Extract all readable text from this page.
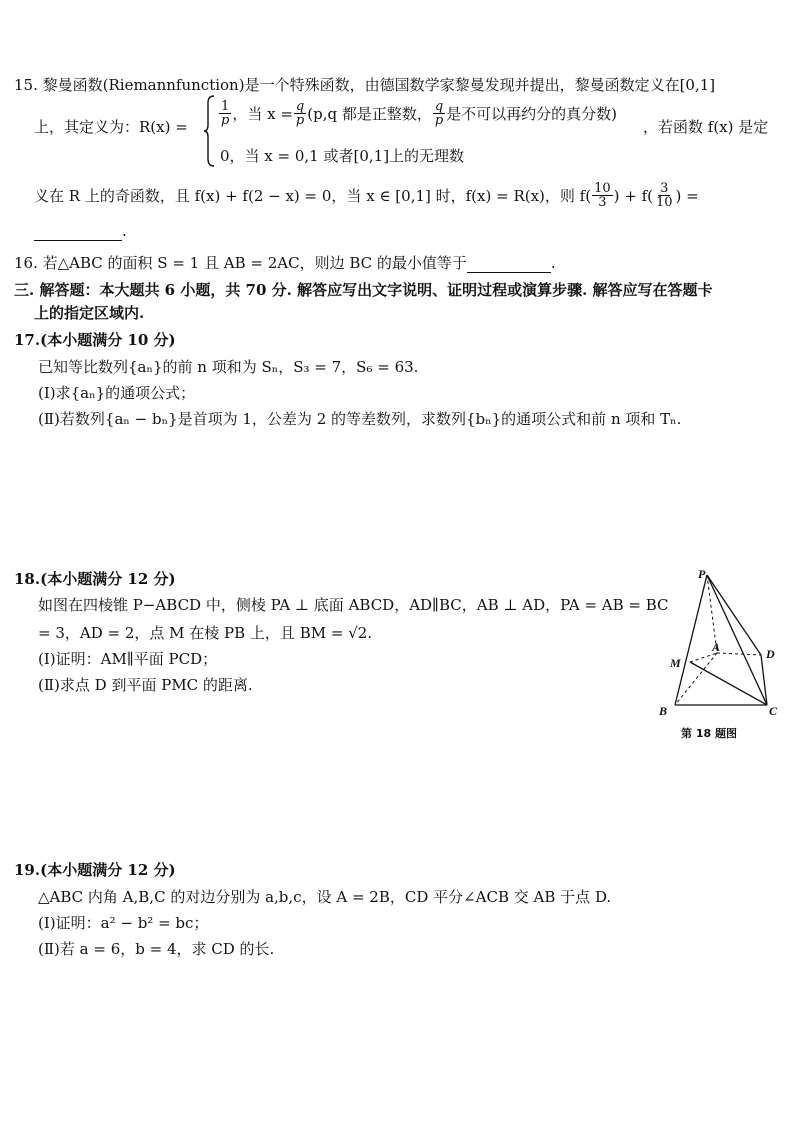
15. 黎曼函数(Riemannfunction)是一个特殊函数，由德国数学家黎曼发现并提出，黎曼函数定义在[0,1]
上，其定义为：$R(x) = \frac{1}{p}$ ，当 $x = \frac{q}{p} (p,q$ 都是正整数， $\frac{q}{p}$ 是不可以再约分的真分数)
，若函数 f(x) 是定
0，当 x = 0,1 或者[0,1]上的无理数
义在 R 上的奇函数，且 f(x) + f(2 − x) = 0，当 x ∈ [0,1] 时，f(x) = R(x)，则 $f( \frac{10}{3}$ ) + $f( \frac{3}{10}$ ) =
.
16. 若△ABC 的面积 S = 1 且 AB = 2AC，则边 BC 的最小值等于	.
三. 解答题：本大题共 6 小题，共 70 分. 解答应写出文字说明、证明过程或演算步骤. 解答应写在答题卡
上的指定区域内.
17.(本小题满分 10 分)
已知等比数列{aₙ}的前 n 项和为 Sₙ，S₃ = 7，S₆ = 63.
(Ⅰ)求{aₙ}的通项公式；
(Ⅱ)若数列{aₙ − bₙ}是首项为 1，公差为 2 的等差数列，求数列{bₙ}的通项公式和前 n 项和 Tₙ.
18.(本小题满分 12 分)
如图在四棱锥 P−ABCD 中，侧棱 PA ⊥ 底面 ABCD，AD∥BC，AB ⊥ AD，PA = AB = BC
= 3，AD = 2，点 M 在棱 PB 上，且 BM = √2.
(Ⅰ)证明：AM∥平面 PCD；
(Ⅱ)求点 D 到平面 PMC 的距离.
P
A	D
M
B	C
第 18 题图
19.(本小题满分 12 分)
△ABC 内角 A,B,C 的对边分别为 a,b,c，设 A = 2B，CD 平分∠ACB 交 AB 于点 D.
(Ⅰ)证明：a² − b² = bc；
(Ⅱ)若 a = 6，b = 4，求 CD 的长.
